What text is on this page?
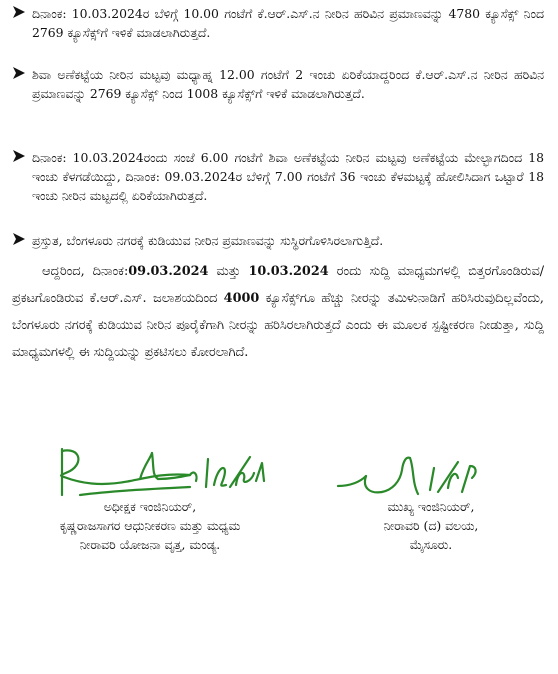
ದಿನಾಂಕ: 10.03.2024ರ ಬೆಳಿಗ್ಗೆ 10.00 ಗಂಟೆಗೆ ಕೆ.ಆರ್.ಎಸ್.ನ ನೀರಿನ ಹರಿವಿನ ಪ್ರಮಾಣವನ್ನು 4780 ಕ್ಯೂಸೆಕ್ಸ್ ನಿಂದ 2769 ಕ್ಯೂಸೆಕ್ಸ್‌ಗೆ ಇಳಿಕೆ ಮಾಡಲಾಗಿರುತ್ತದೆ.
ಶಿವಾ ಅಣೆಕಟ್ಟೆಯ ನೀರಿನ ಮಟ್ಟವು ಮಧ್ಯಾಹ್ನ 12.00 ಗಂಟೆಗೆ 2 ಇಂಚು ಏರಿಕೆಯಾದ್ದರಿಂದ ಕೆ.ಆರ್.ಎಸ್.ನ ನೀರಿನ ಹರಿವಿನ ಪ್ರಮಾಣವನ್ನು 2769 ಕ್ಯೂಸೆಕ್ಸ್ ನಿಂದ 1008 ಕ್ಯೂಸೆಕ್ಸ್‌ಗೆ ಇಳಿಕೆ ಮಾಡಲಾಗಿರುತ್ತದೆ.
ದಿನಾಂಕ: 10.03.2024ರಂದು ಸಂಜೆ 6.00 ಗಂಟೆಗೆ ಶಿವಾ ಅಣೆಕಟ್ಟೆಯ ನೀರಿನ ಮಟ್ಟವು ಅಣೆಕಟ್ಟೆಯ ಮೇಲ್ಭಾಗದಿಂದ 18 ಇಂಚು ಕೆಳಗಡೆಯಿದ್ದು, ದಿನಾಂಕ: 09.03.2024ರ ಬೆಳಿಗ್ಗೆ 7.00 ಗಂಟೆಗೆ 36 ಇಂಚು ಕೆಳಮಟ್ಟಕ್ಕೆ ಹೋಲಿಸಿದಾಗ ಒಟ್ಟಾರೆ 18 ಇಂಚು ನೀರಿನ ಮಟ್ಟದಲ್ಲಿ ಏರಿಕೆಯಾಗಿರುತ್ತದೆ.
ಪ್ರಸ್ತುತ, ಬೆಂಗಳೂರು ನಗರಕ್ಕೆ ಕುಡಿಯುವ ನೀರಿನ ಪ್ರಮಾಣವನ್ನು ಸುಸ್ಥಿರಗೊಳಿಸಿರಲಾಗುತ್ತಿದೆ.
ಆದ್ದರಿಂದ, ದಿನಾಂಕ:09.03.2024 ಮತ್ತು 10.03.2024 ರಂದು ಸುದ್ದಿ ಮಾಧ್ಯಮಗಳಲ್ಲಿ ಬಿತ್ತರಗೊಂಡಿರುವ/ಪ್ರಕಟಗೊಂಡಿರುವ ಕೆ.ಆರ್.ಎಸ್. ಜಲಾಶಯದಿಂದ 4000 ಕ್ಯೂಸೆಕ್ಸ್‌ಗೂ ಹೆಚ್ಚು ನೀರನ್ನು ತಮಿಳುನಾಡಿಗೆ ಹರಿಸಿರುವುದಿಲ್ಲವೆಂದು, ಬೆಂಗಳೂರು ನಗರಕ್ಕೆ ಕುಡಿಯುವ ನೀರಿನ ಪೂರೈಕೆಗಾಗಿ ನೀರನ್ನು ಹರಿಸಿರಲಾಗಿರುತ್ತದೆ ಎಂದು ಈ ಮೂಲಕ ಸ್ಪಷ್ಟೀಕರಣ ನೀಡುತ್ತಾ, ಸುದ್ದಿ ಮಾಧ್ಯಮಗಳಲ್ಲಿ ಈ ಸುದ್ದಿಯನ್ನು ಪ್ರಕಟಿಸಲು ಕೋರಲಾಗಿದೆ.
ಅಧೀಕ್ಷಕ ಇಂಜಿನಿಯರ್,
ಕೃಷ್ಣರಾಜಸಾಗರ ಆಧುನೀಕರಣ ಮತ್ತು ಮಧ್ಯಮ
ನೀರಾವರಿ ಯೋಜನಾ ವೃತ್ತ, ಮಂಡ್ಯ.
ಮುಖ್ಯ ಇಂಜಿನಿಯರ್,
ನೀರಾವರಿ (ದ) ವಲಯ,
ಮೈಸೂರು.
